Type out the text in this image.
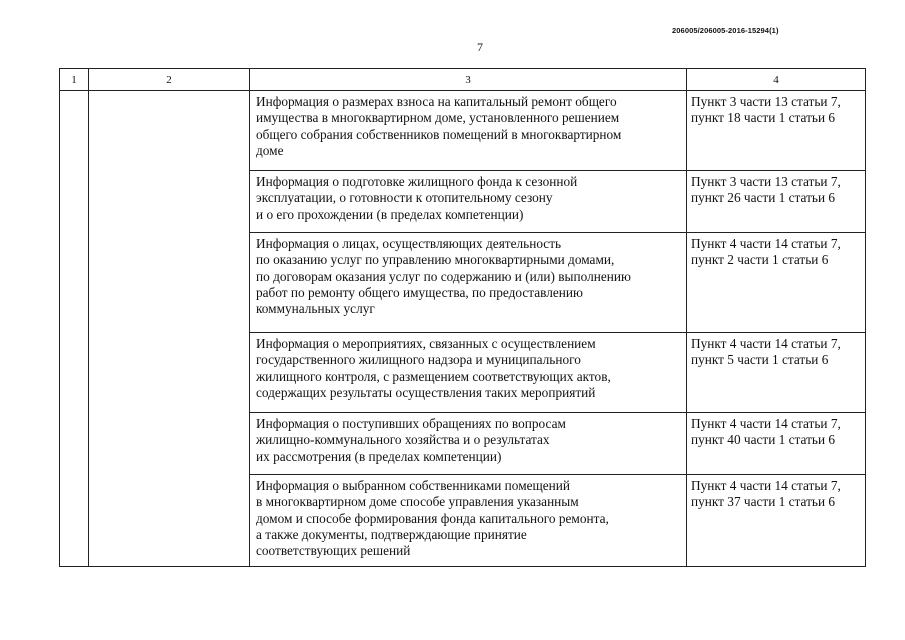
206005/206005-2016-15294(1)
7
1	2	3	4

		Информация о размерах взноса на капитальный ремонт общего
имущества в многоквартирном доме, установленного решением
общего собрания собственников помещений в многоквартирном
доме	Пункт 3 части 13 статьи 7,
пункт 18 части 1 статьи 6

		Информация о подготовке жилищного фонда к сезонной
эксплуатации, о готовности к отопительному сезону
и о его прохождении (в пределах компетенции)	Пункт 3 части 13 статьи 7,
пункт 26 части 1 статьи 6

		Информация о лицах, осуществляющих деятельность
по оказанию услуг по управлению многоквартирными домами,
по договорам оказания услуг по содержанию и (или) выполнению
работ по ремонту общего имущества, по предоставлению
коммунальных услуг	Пункт 4 части 14 статьи 7,
пункт 2 части 1 статьи 6

		Информация о мероприятиях, связанных с осуществлением
государственного жилищного надзора и муниципального
жилищного контроля, с размещением соответствующих актов,
содержащих результаты осуществления таких мероприятий	Пункт 4 части 14 статьи 7,
пункт 5 части 1 статьи 6

		Информация о поступивших обращениях по вопросам
жилищно-коммунального хозяйства и о результатах
их рассмотрения (в пределах компетенции)	Пункт 4 части 14 статьи 7,
пункт 40 части 1 статьи 6

		Информация о выбранном собственниками помещений
в многоквартирном доме способе управления указанным
домом и способе формирования фонда капитального ремонта,
а также документы, подтверждающие принятие
соответствующих решений	Пункт 4 части 14 статьи 7,
пункт 37 части 1 статьи 6
